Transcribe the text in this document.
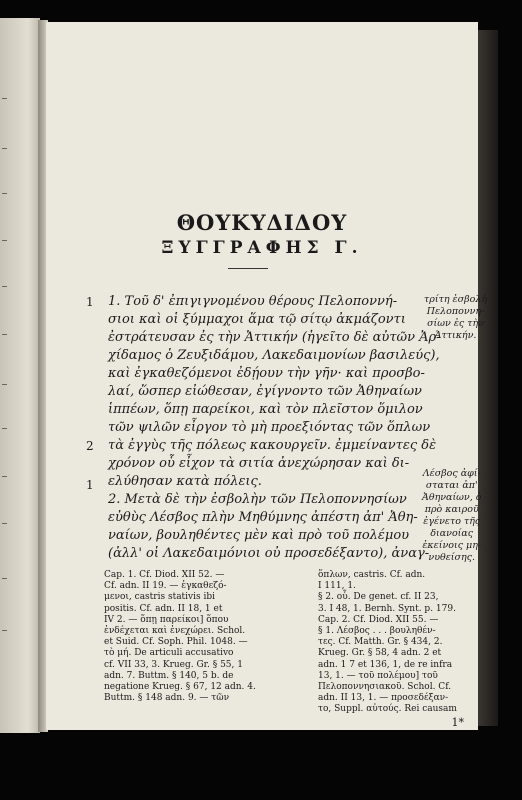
ΘΟΥΚΥΔΙΔΟΥ
ΞΥΓΓΡΑΦΗΣ Γ.
1
2
1
1. Τοῦ δ' ἐπιγιγνομένου θέρους Πελοποννή-
σιοι καὶ οἱ ξύμμαχοι ἅμα τῷ σίτῳ ἀκμάζοντι
ἐστράτευσαν ἐς τὴν Ἀττικήν (ἡγεῖτο δὲ αὐτῶν Ἀρ-
χίδαμος ὁ Ζευξιδάμου, Λακεδαιμονίων βασιλεύς),
καὶ ἐγκαθεζόμενοι ἐδῄουν τὴν γῆν· καὶ προσβο-
λαί, ὥσπερ εἰώθεσαν, ἐγίγνοντο τῶν Ἀθηναίων
ἱππέων, ὅπῃ παρείκοι, καὶ τὸν πλεῖστον ὅμιλον
τῶν ψιλῶν εἶργον τὸ μὴ προεξιόντας τῶν ὅπλων
τὰ ἐγγὺς τῆς πόλεως κακουργεῖν. ἐμμείναντες δὲ
χρόνον οὗ εἶχον τὰ σιτία ἀνεχώρησαν καὶ δι-
ελύθησαν κατὰ πόλεις.
2. Μετὰ δὲ τὴν ἐσβολὴν τῶν Πελοποννησίων
εὐθὺς Λέσβος πλὴν Μηθύμνης ἀπέστη ἀπ' Ἀθη-
ναίων, βουληθέντες μὲν καὶ πρὸ τοῦ πολέμου
(ἀλλ' οἱ Λακεδαιμόνιοι οὐ προσεδέξαντο), ἀναγ-
τρίτη ἐσβολὴ
Πελοποννη-
σίων ἐς τὴν
Ἀττικήν.
Λέσβος ἀφί-
σταται ἀπ'
Ἀθηναίων, ὁ
πρὸ καιροῦ
ἐγένετο τῆς
διανοίας
ἐκείνοις μη-
νυθείσης.
Cap. 1. Cf. Diod. XII 52. —
Cf. adn. II 19. — ἐγκαθεζό-
μενοι, castris stativis ibi
positis. Cf. adn. II 18, 1 et
IV 2. — ὅπῃ παρείκοι] ὅπου
ἐνδέχεται καὶ ἐνεχώρει. Schol.
et Suid. Cf. Soph. Phil. 1048. —
τὸ μή. De articuli accusativo
cf. VII 33, 3. Krueg. Gr. § 55, 1
adn. 7. Buttm. § 140, 5 b. de
negatione Krueg. § 67, 12 adn. 4.
Buttm. § 148 adn. 9. — τῶν
ὅπλων, castris. Cf. adn.
I 111, 1.
§ 2. οὗ. De genet. cf. II 23,
3. I 48, 1. Bernh. Synt. p. 179.
Cap. 2. Cf. Diod. XII 55. —
§ 1. Λέσβος . . . βουληθέν-
τες. Cf. Matth. Gr. § 434, 2.
Krueg. Gr. § 58, 4 adn. 2 et
adn. 1 7 et 136, 1, de re infra
13, 1. — τοῦ πολέμου] τοῦ
Πελοποννησιακοῦ. Schol. Cf.
adn. II 13, 1. — προσεδέξαν-
το, Suppl. αὐτούς. Rei causam
1*
